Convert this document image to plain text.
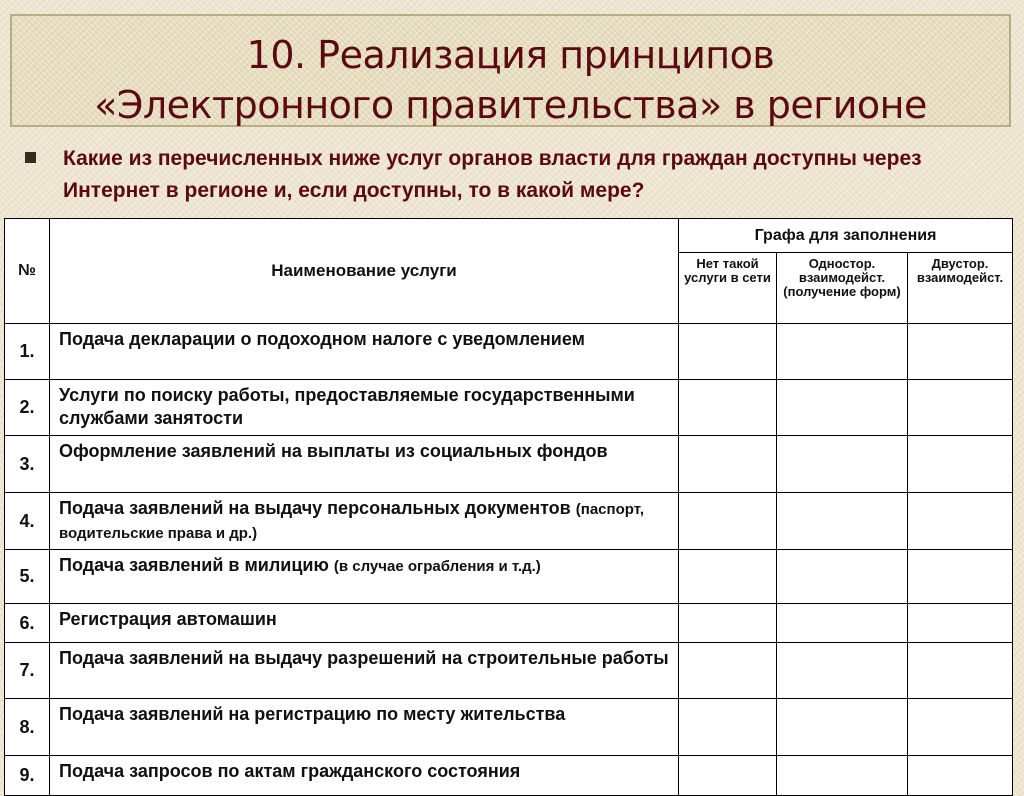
10. Реализация принципов
«Электронного правительства» в регионе
Какие из перечисленных ниже услуг органов власти для граждан доступны через Интернет в регионе и, если доступны, то в какой мере?
№	Наименование услуги	Графа для заполнения		
		Нет такой услуги в сети	Одностор. взаимодейст. (получение форм)	Двустор. взаимодейст.
1.	Подача декларации о подоходном налоге с уведомлением			
2.	Услуги по поиску работы, предоставляемые государственными службами занятости			
3.	Оформление заявлений на выплаты из социальных фондов			
4.	Подача заявлений на выдачу персональных документов (паспорт, водительские права и др.)			
5.	Подача заявлений в милицию (в случае ограбления и т.д.)			
6.	Регистрация автомашин			
7.	Подача заявлений на выдачу разрешений на строительные работы			
8.	Подача заявлений на регистрацию по месту жительства			
9.	Подача запросов по актам гражданского состояния			
